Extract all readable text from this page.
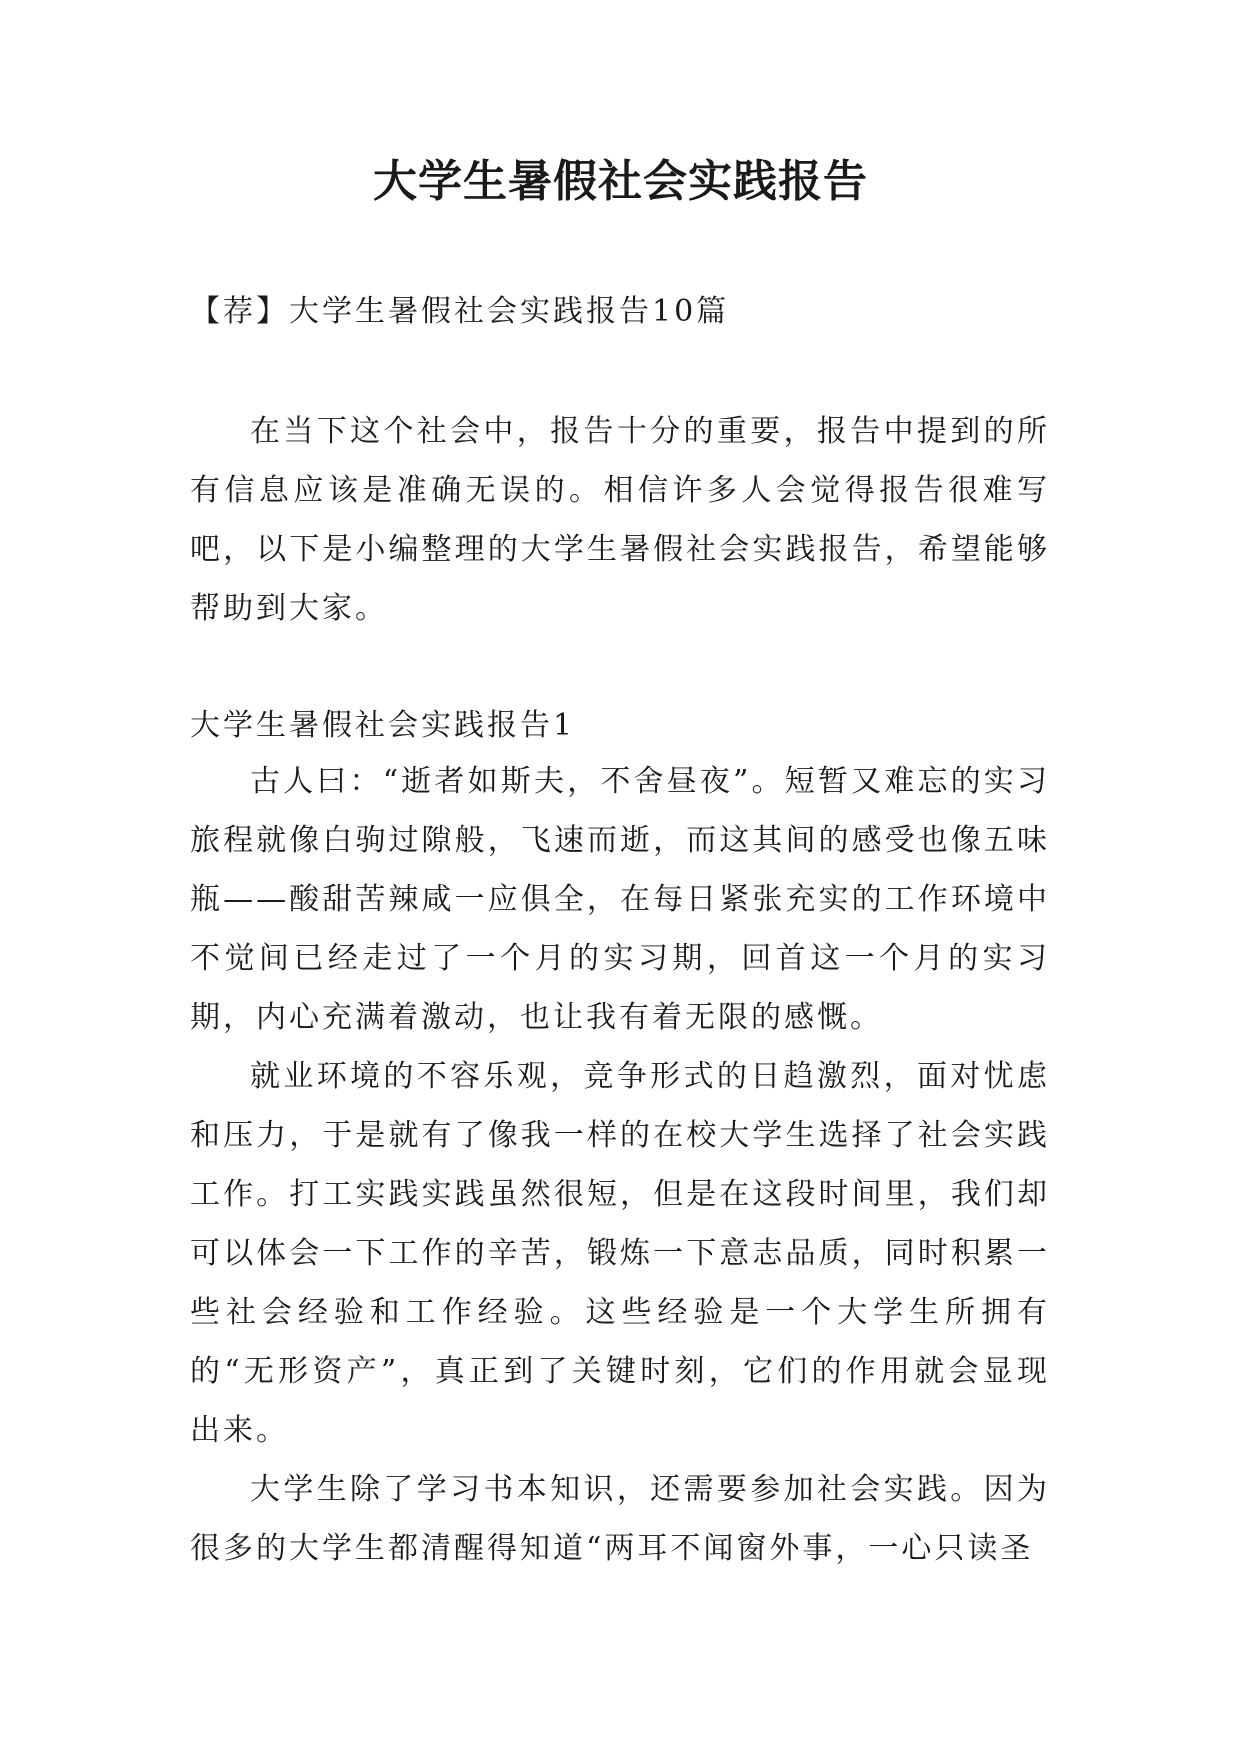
大学生暑假社会实践报告
【荐】大学生暑假社会实践报告10篇

在当下这个社会中，报告十分的重要，报告中提到的所有信息应该是准确无误的。相信许多人会觉得报告很难写吧，以下是小编整理的大学生暑假社会实践报告，希望能够帮助到大家。

大学生暑假社会实践报告1

古人曰：“逝者如斯夫，不舍昼夜”。短暂又难忘的实习旅程就像白驹过隙般，飞速而逝，而这其间的感受也像五味瓶——酸甜苦辣咸一应俱全，在每日紧张充实的工作环境中不觉间已经走过了一个月的实习期，回首这一个月的实习期，内心充满着激动，也让我有着无限的感慨。

就业环境的不容乐观，竞争形式的日趋激烈，面对忧虑和压力，于是就有了像我一样的在校大学生选择了社会实践工作。打工实践实践虽然很短，但是在这段时间里，我们却可以体会一下工作的辛苦，锻炼一下意志品质，同时积累一些社会经验和工作经验。这些经验是一个大学生所拥有的“无形资产”，真正到了关键时刻，它们的作用就会显现出来。

大学生除了学习书本知识，还需要参加社会实践。因为很多的大学生都清醒得知道“两耳不闻窗外事，一心只读圣
